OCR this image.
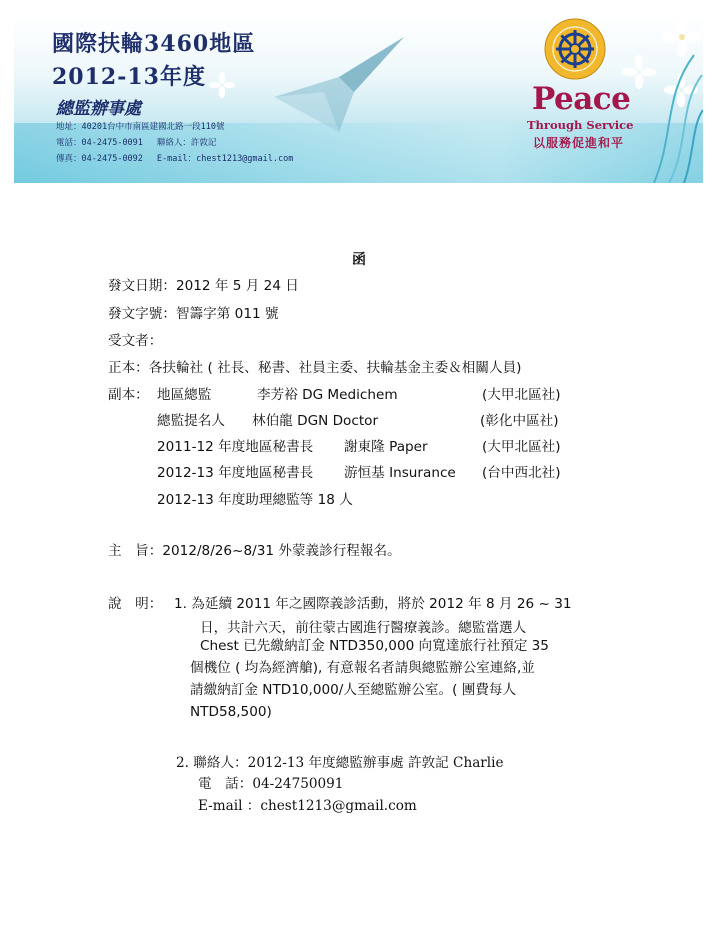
國際扶輪3460地區
2012-13年度
總監辦事處
地址：40201台中市南區建國北路一段110號
電話：04-2475-0091 聯絡人：許敦記
傳真：04-2475-0092 E-mail：chest1213@gmail.com
Peace
Through Service
以服務促進和平
函
發文日期：2012 年 5 月 24 日
發文字號：智籌字第 011 號
受文者：
正本：各扶輪社 ( 社長、秘書、社員主委、扶輪基金主委＆相關人員)
副本： 地區總監	李芳裕 DG Medichem	(大甲北區社)
總監提名人 林伯龍 DGN Doctor	(彰化中區社)
2011-12 年度地區秘書長 謝東隆 Paper	(大甲北區社)
2012-13 年度地區秘書長 游恒基 Insurance (台中西北社)
2012-13 年度助理總監等 18 人
主　旨：2012/8/26~8/31 外蒙義診行程報名。
說　明： 1. 為延續 2011 年之國際義診活動，將於 2012 年 8 月 26 ~ 31
日，共計六天，前往蒙古國進行醫療義診。總監當選人
Chest 已先繳納訂金 NTD350,000 向寬達旅行社預定 35
個機位 ( 均為經濟艙), 有意報名者請與總監辦公室連絡,並
請繳納訂金 NTD10,000/人至總監辦公室。( 團費每人
NTD58,500)
2. 聯絡人：2012-13 年度總監辦事處 許敦記 Charlie
電　話：04-24750091
E-mail ：chest1213@gmail.com
